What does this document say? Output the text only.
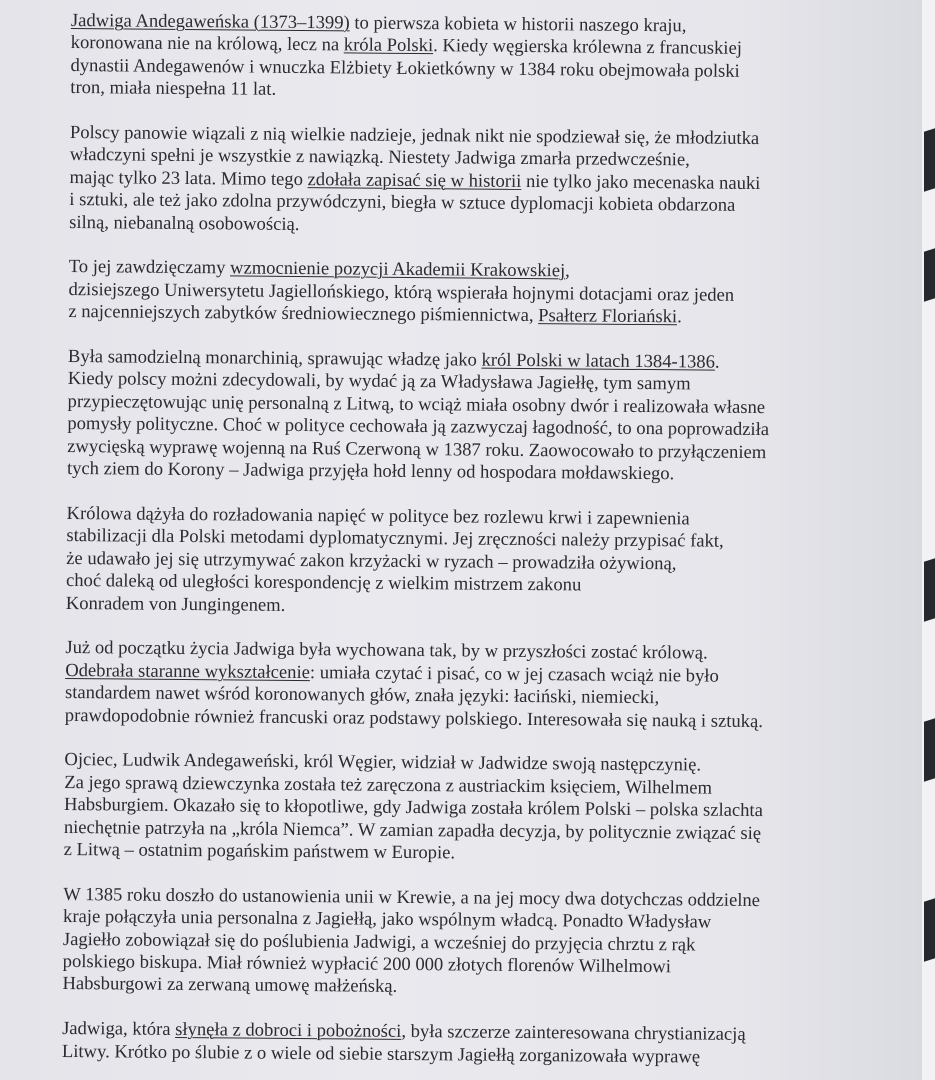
Jadwiga Andegaweńska (1373–1399) to pierwsza kobieta w historii naszego kraju,
koronowana nie na królową, lecz na króla Polski. Kiedy węgierska królewna z francuskiej
dynastii Andegawenów i wnuczka Elżbiety Łokietkówny w 1384 roku obejmowała polski
tron, miała niespełna 11 lat.
Polscy panowie wiązali z nią wielkie nadzieje, jednak nikt nie spodziewał się, że młodziutka
władczyni spełni je wszystkie z nawiązką. Niestety Jadwiga zmarła przedwcześnie,
mając tylko 23 lata. Mimo tego zdołała zapisać się w historii nie tylko jako mecenaska nauki
i sztuki, ale też jako zdolna przywódczyni, biegła w sztuce dyplomacji kobieta obdarzona
silną, niebanalną osobowością.
To jej zawdzięczamy wzmocnienie pozycji Akademii Krakowskiej,
dzisiejszego Uniwersytetu Jagiellońskiego, którą wspierała hojnymi dotacjami oraz jeden
z najcenniejszych zabytków średniowiecznego piśmiennictwa, Psałterz Floriański.
Była samodzielną monarchinią, sprawując władzę jako król Polski w latach 1384-1386.
Kiedy polscy możni zdecydowali, by wydać ją za Władysława Jagiełłę, tym samym
przypieczętowując unię personalną z Litwą, to wciąż miała osobny dwór i realizowała własne
pomysły polityczne. Choć w polityce cechowała ją zazwyczaj łagodność, to ona poprowadziła
zwycięską wyprawę wojenną na Ruś Czerwoną w 1387 roku. Zaowocowało to przyłączeniem
tych ziem do Korony – Jadwiga przyjęła hołd lenny od hospodara mołdawskiego.
Królowa dążyła do rozładowania napięć w polityce bez rozlewu krwi i zapewnienia
stabilizacji dla Polski metodami dyplomatycznymi. Jej zręczności należy przypisać fakt,
że udawało jej się utrzymywać zakon krzyżacki w ryzach – prowadziła ożywioną,
choć daleką od uległości korespondencję z wielkim mistrzem zakonu
Konradem von Jungingenem.
Już od początku życia Jadwiga była wychowana tak, by w przyszłości zostać królową.
Odebrała staranne wykształcenie: umiała czytać i pisać, co w jej czasach wciąż nie było
standardem nawet wśród koronowanych głów, znała języki: łaciński, niemiecki,
prawdopodobnie również francuski oraz podstawy polskiego. Interesowała się nauką i sztuką.
Ojciec, Ludwik Andegaweński, król Węgier, widział w Jadwidze swoją następczynię.
Za jego sprawą dziewczynka została też zaręczona z austriackim księciem, Wilhelmem
Habsburgiem. Okazało się to kłopotliwe, gdy Jadwiga została królem Polski – polska szlachta
niechętnie patrzyła na „króla Niemca”. W zamian zapadła decyzja, by politycznie związać się
z Litwą – ostatnim pogańskim państwem w Europie.
W 1385 roku doszło do ustanowienia unii w Krewie, a na jej mocy dwa dotychczas oddzielne
kraje połączyła unia personalna z Jagiełłą, jako wspólnym władcą. Ponadto Władysław
Jagiełło zobowiązał się do poślubienia Jadwigi, a wcześniej do przyjęcia chrztu z rąk
polskiego biskupa. Miał również wypłacić 200 000 złotych florenów Wilhelmowi
Habsburgowi za zerwaną umowę małżeńską.
Jadwiga, która słynęła z dobroci i pobożności, była szczerze zainteresowana chrystianizacją
Litwy. Krótko po ślubie z o wiele od siebie starszym Jagiełłą zorganizowała wyprawę
